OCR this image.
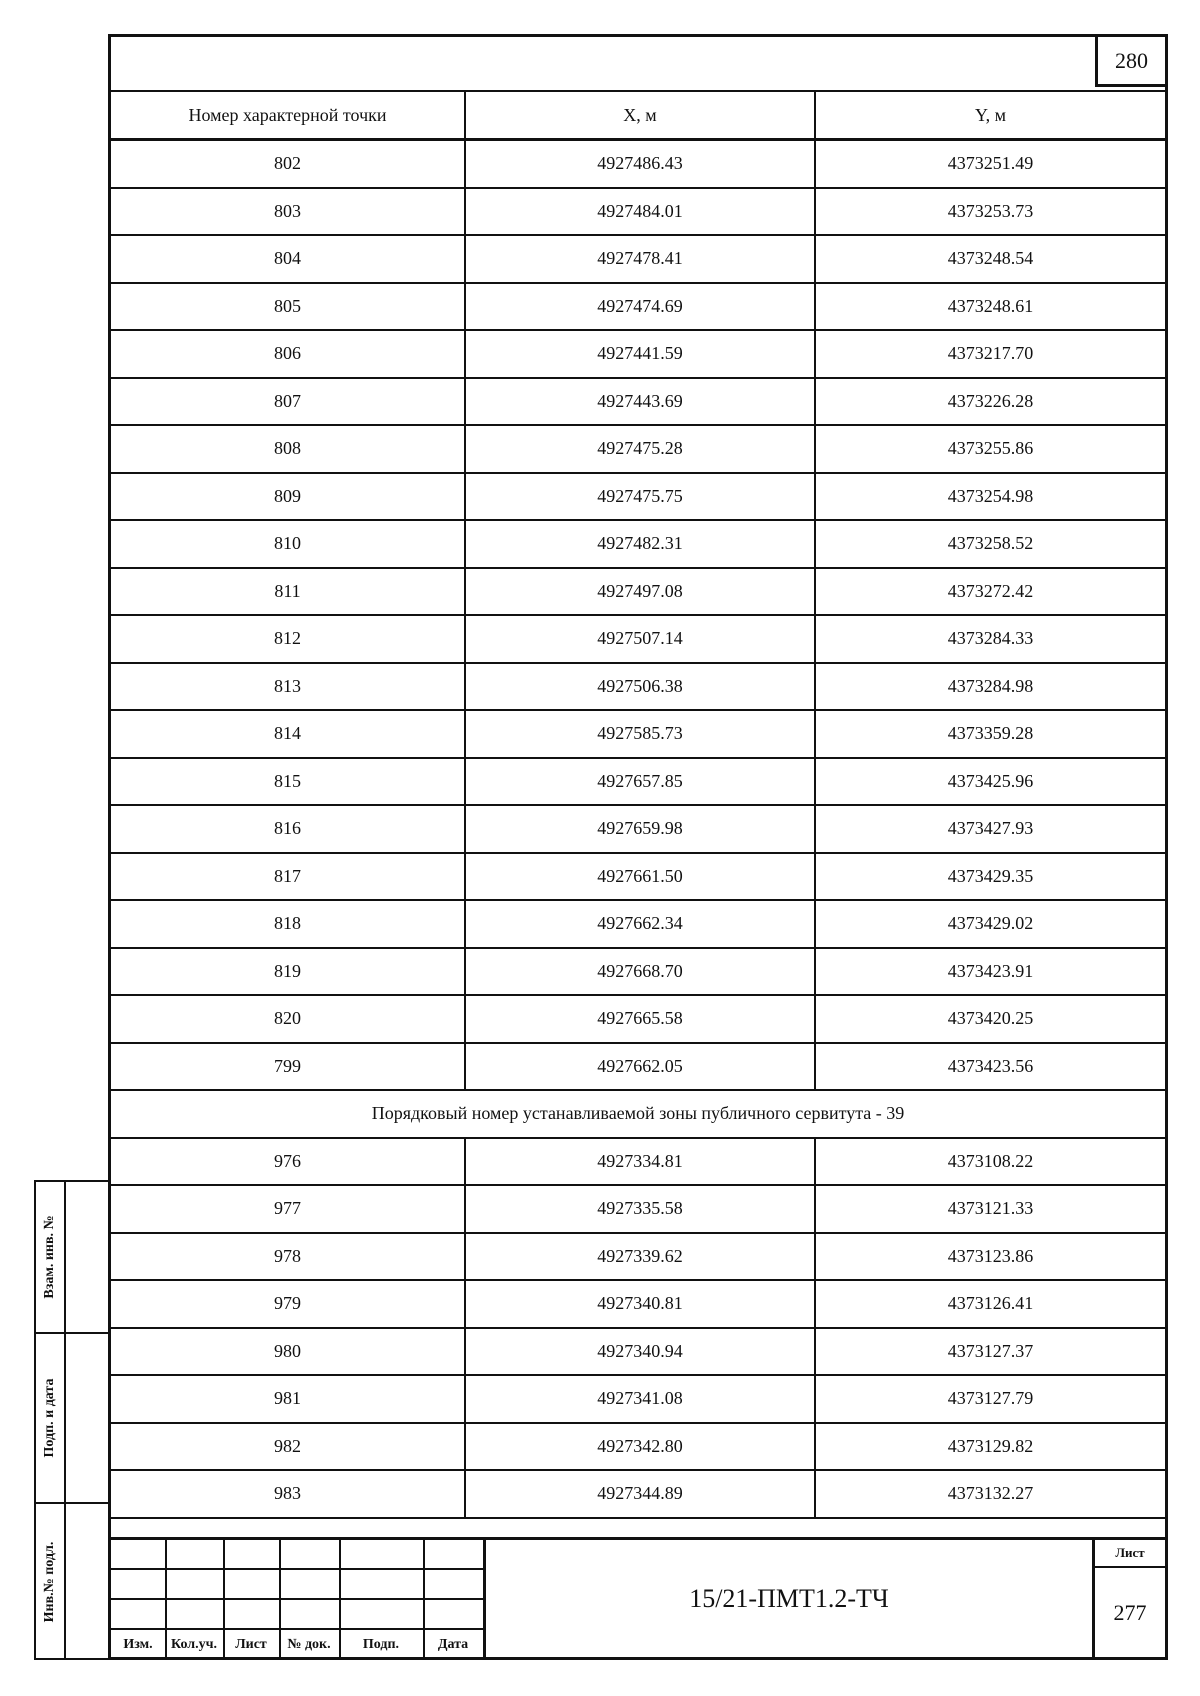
280
Номер характерной точки	X, м	Y, м
802	4927486.43	4373251.49
803	4927484.01	4373253.73
804	4927478.41	4373248.54
805	4927474.69	4373248.61
806	4927441.59	4373217.70
807	4927443.69	4373226.28
808	4927475.28	4373255.86
809	4927475.75	4373254.98
810	4927482.31	4373258.52
811	4927497.08	4373272.42
812	4927507.14	4373284.33
813	4927506.38	4373284.98
814	4927585.73	4373359.28
815	4927657.85	4373425.96
816	4927659.98	4373427.93
817	4927661.50	4373429.35
818	4927662.34	4373429.02
819	4927668.70	4373423.91
820	4927665.58	4373420.25
799	4927662.05	4373423.56
Порядковый номер устанавливаемой зоны публичного сервитута - 39		
976	4927334.81	4373108.22
977	4927335.58	4373121.33
978	4927339.62	4373123.86
979	4927340.81	4373126.41
980	4927340.94	4373127.37
981	4927341.08	4373127.79
982	4927342.80	4373129.82
983	4927344.89	4373132.27
Изм.	Кол.уч.	Лист	№ док.	Подп.	Дата
15/21-ПМТ1.2-ТЧ
Лист
277
Взам. инв. №
Подп. и дата
Инв.№ подл.
